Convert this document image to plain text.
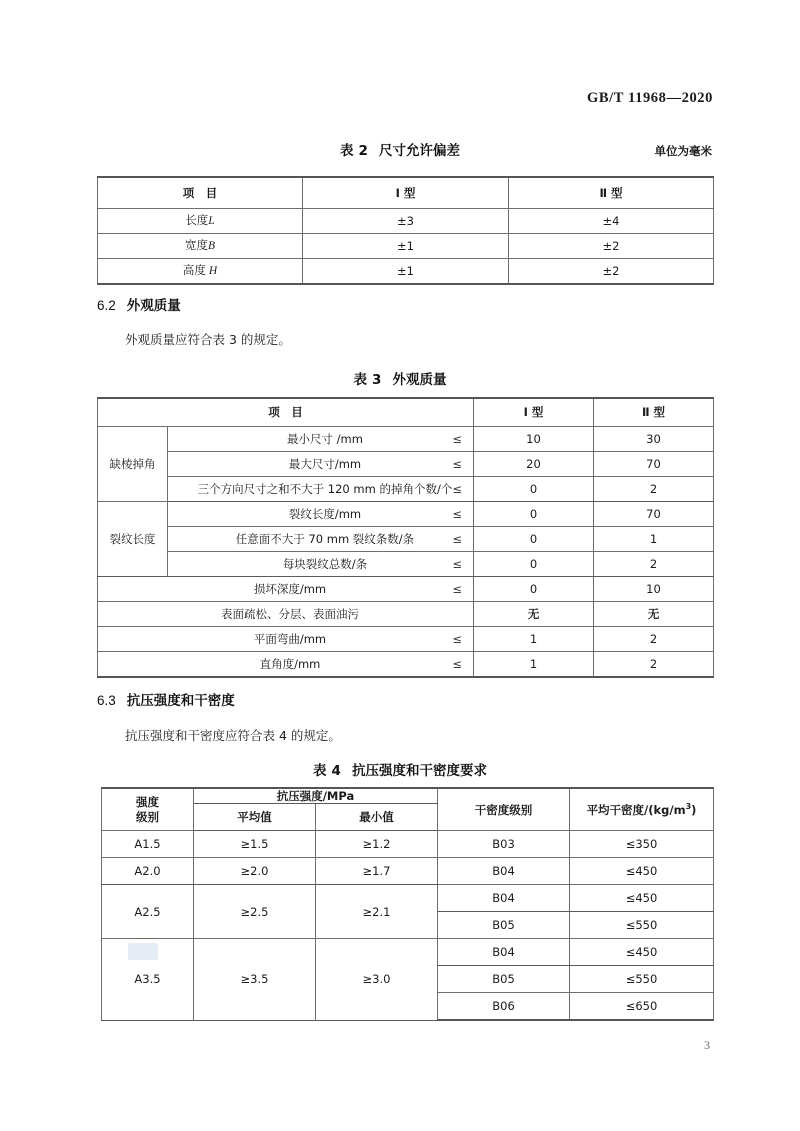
GB/T 11968—2020
表 2 尺寸允许偏差	单位为毫米
项　目	Ⅰ 型	Ⅱ 型
长度L	±3	±4
宽度B	±1	±2
高度 H	±1	±2
6.2 外观质量
外观质量应符合表 3 的规定。
表 3 外观质量
项　目		Ⅰ 型	Ⅱ 型
缺棱掉角	最小尺寸 /mm ≤	10	30
	最大尺寸/mm ≤	20	70
	三个方向尺寸之和不大于 120 mm 的掉角个数/个 ≤	0	2
裂纹长度	裂纹长度/mm ≤	0	70
	任意面不大于 70 mm 裂纹条数/条 ≤	0	1
	每块裂纹总数/条 ≤	0	2
损坏深度/mm ≤		0	10
表面疏松、分层、表面油污		无	无
平面弯曲/mm ≤		1	2
直角度/mm ≤		1	2
6.3 抗压强度和干密度
抗压强度和干密度应符合表 4 的规定。
表 4 抗压强度和干密度要求
强度
级别	抗压强度/MPa		干密度级别	平均干密度$/(kg/m^3)$
	平均值	最小值		
A1.5	≥1.5	≥1.2	B03	≤350
A2.0	≥2.0	≥1.7	B04	≤450
A2.5	≥2.5	≥2.1	B04	≤450
			B05	≤550
A3.5	≥3.5	≥3.0	B04	≤450
			B05	≤550
			B06	≤650
3
